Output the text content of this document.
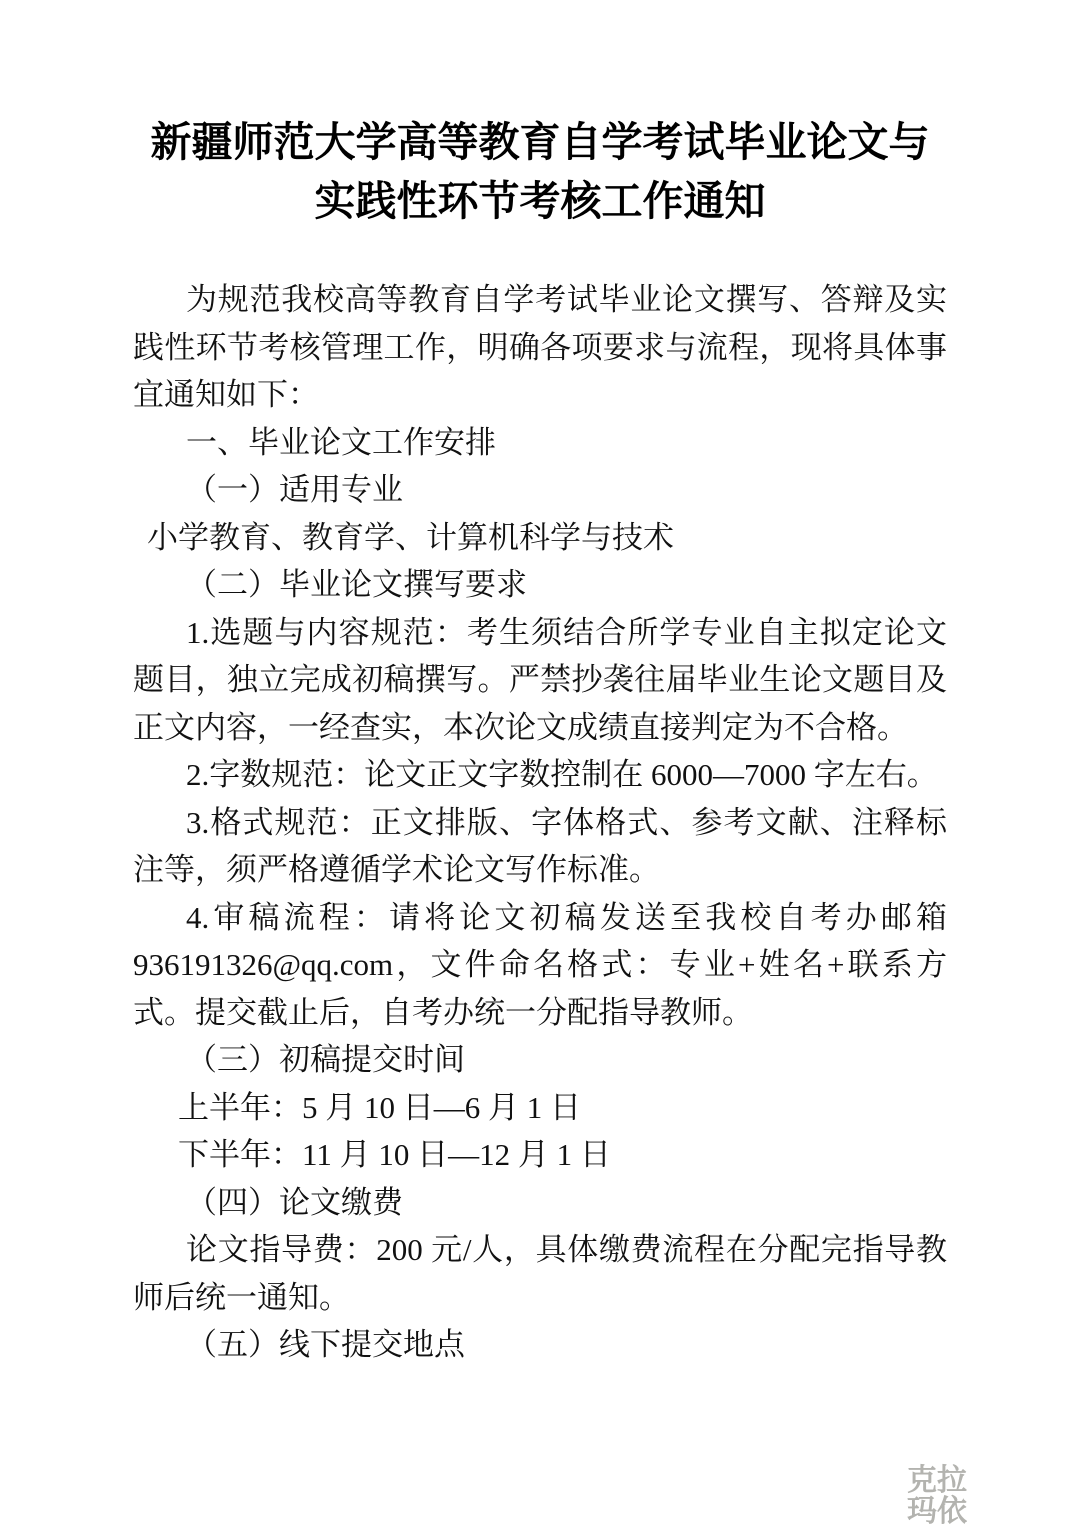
新疆师范大学高等教育自学考试毕业论文与
实践性环节考核工作通知

为规范我校高等教育自学考试毕业论文撰写、答辩及实践性环节考核管理工作，明确各项要求与流程，现将具体事宜通知如下：

一、毕业论文工作安排

（一）适用专业

小学教育、教育学、计算机科学与技术

（二）毕业论文撰写要求

1.选题与内容规范：考生须结合所学专业自主拟定论文题目，独立完成初稿撰写。严禁抄袭往届毕业生论文题目及正文内容，一经查实，本次论文成绩直接判定为不合格。

2.字数规范：论文正文字数控制在 6000—7000 字左右。

3.格式规范：正文排版、字体格式、参考文献、注释标注等，须严格遵循学术论文写作标准。

4.审稿流程：请将论文初稿发送至我校自考办邮箱 936191326@qq.com，文件命名格式：专业+姓名+联系方式。提交截止后，自考办统一分配指导教师。

（三）初稿提交时间

上半年：5 月 10 日—6 月 1 日

下半年：11 月 10 日—12 月 1 日

（四）论文缴费

论文指导费：200 元/人，具体缴费流程在分配完指导教师后统一通知。

（五）线下提交地点

克拉
玛依
